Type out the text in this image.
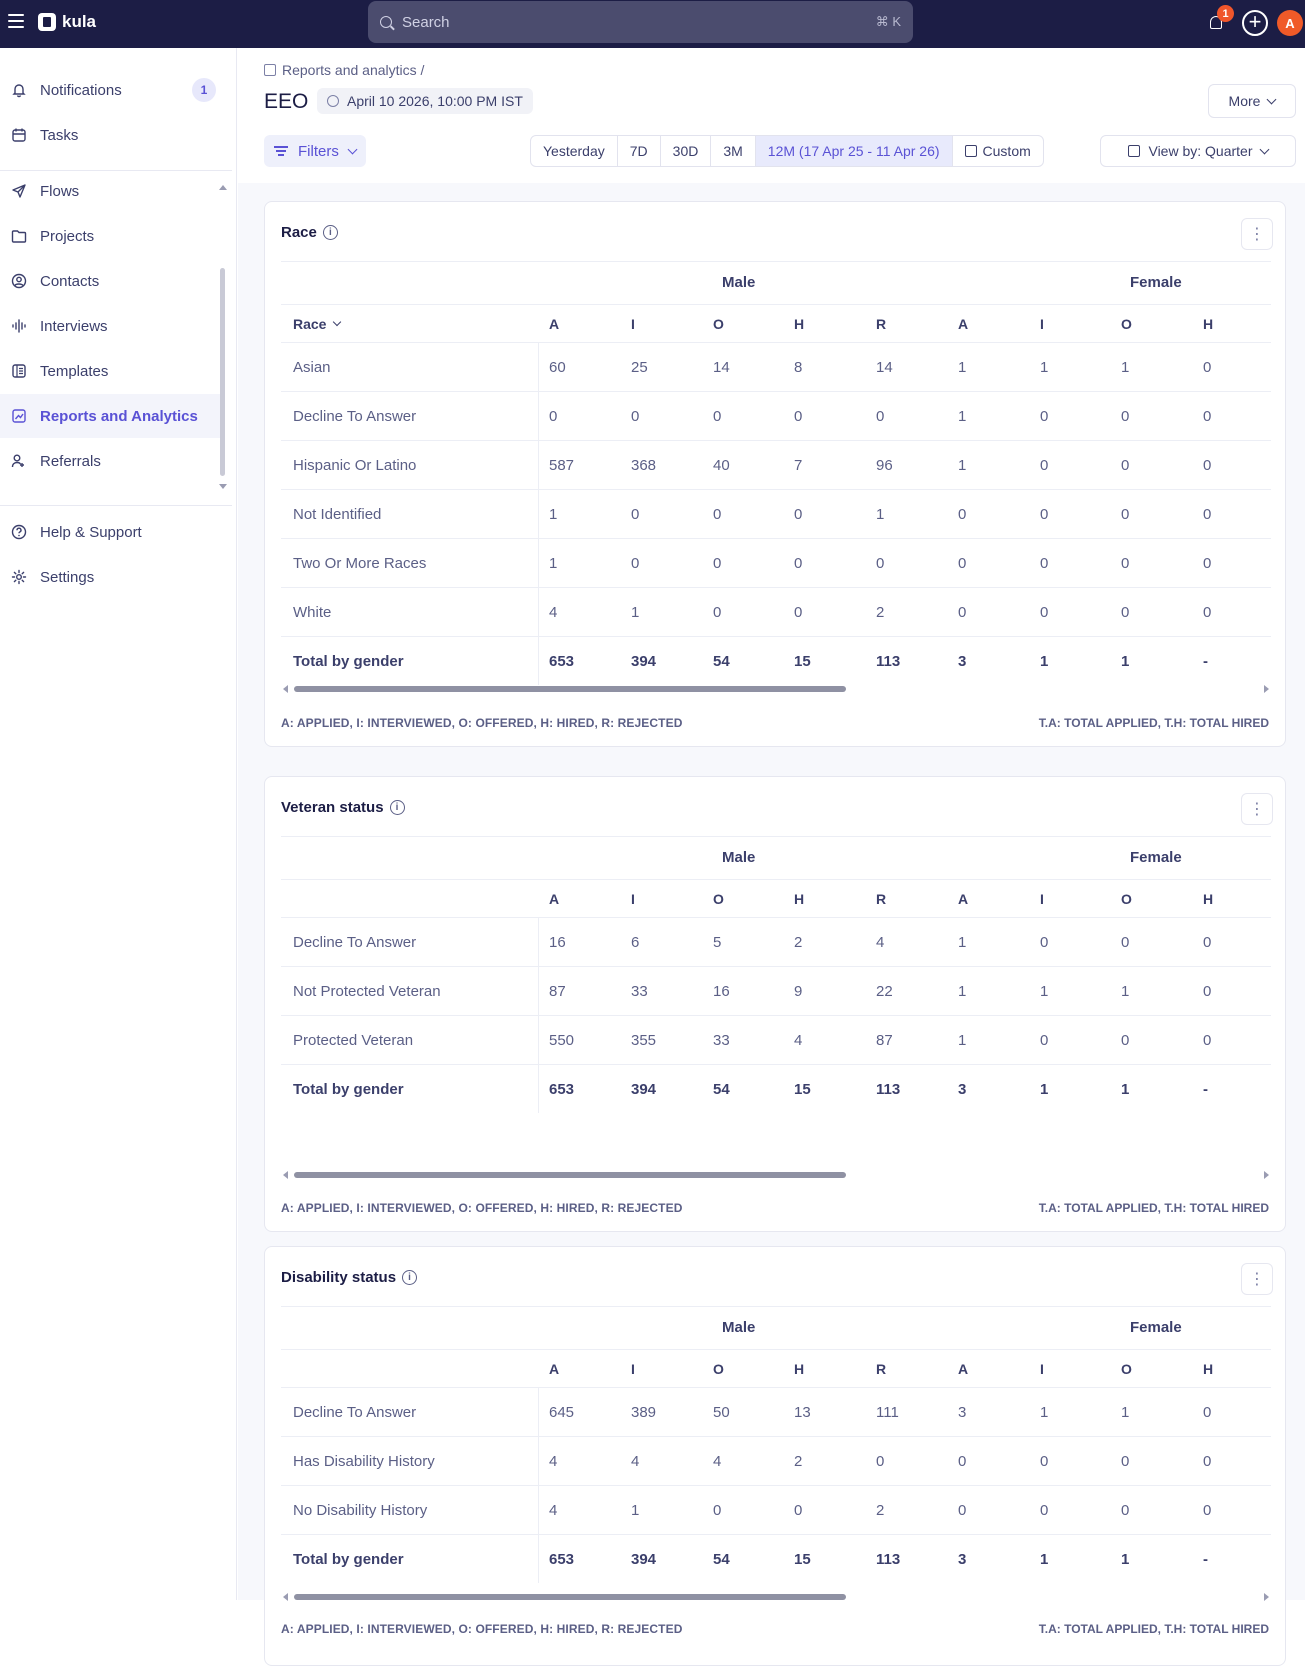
kula	Search	⌘ K
1 +	A
Notifications	1
Tasks
Flows
Projects
Contacts
Interviews
Templates
Reports and Analytics
Referrals
Help & Support
Settings
Reports and analytics /
EEO	April 10 2026, 10:00 PM IST	More
Filters	Yesterday	7D	30D	3M	12M (17 Apr 25 - 11 Apr 26)	Custom	View by: Quarter
Race	i	⋮
Male	Female
Race	A	I	O	H	R	A	I	O	H
Asian	60	25	14	8	14	1	1	1	0
Decline To Answer	0	0	0	0	0	1	0	0	0
Hispanic Or Latino	587	368	40	7	96	1	0	0	0
Not Identified	1	0	0	0	1	0	0	0	0
Two Or More Races	1	0	0	0	0	0	0	0	0
White	4	1	0	0	2	0	0	0	0
Total by gender	653	394	54	15	113	3	1	1	-
A: APPLIED, I: INTERVIEWED, O: OFFERED, H: HIRED, R: REJECTED	T.A: TOTAL APPLIED, T.H: TOTAL HIRED
Veteran status	i	⋮
Male	Female
A	I	O	H	R	A	I	O	H
Decline To Answer	16	6	5	2	4	1	0	0	0
Not Protected Veteran	87	33	16	9	22	1	1	1	0
Protected Veteran	550	355	33	4	87	1	0	0	0
Total by gender	653	394	54	15	113	3	1	1	-
A: APPLIED, I: INTERVIEWED, O: OFFERED, H: HIRED, R: REJECTED	T.A: TOTAL APPLIED, T.H: TOTAL HIRED
Disability status	i	⋮
Male	Female
A	I	O	H	R	A	I	O	H
Decline To Answer	645	389	50	13	111	3	1	1	0
Has Disability History	4	4	4	2	0	0	0	0	0
No Disability History	4	1	0	0	2	0	0	0	0
Total by gender	653	394	54	15	113	3	1	1	-
A: APPLIED, I: INTERVIEWED, O: OFFERED, H: HIRED, R: REJECTED	T.A: TOTAL APPLIED, T.H: TOTAL HIRED
